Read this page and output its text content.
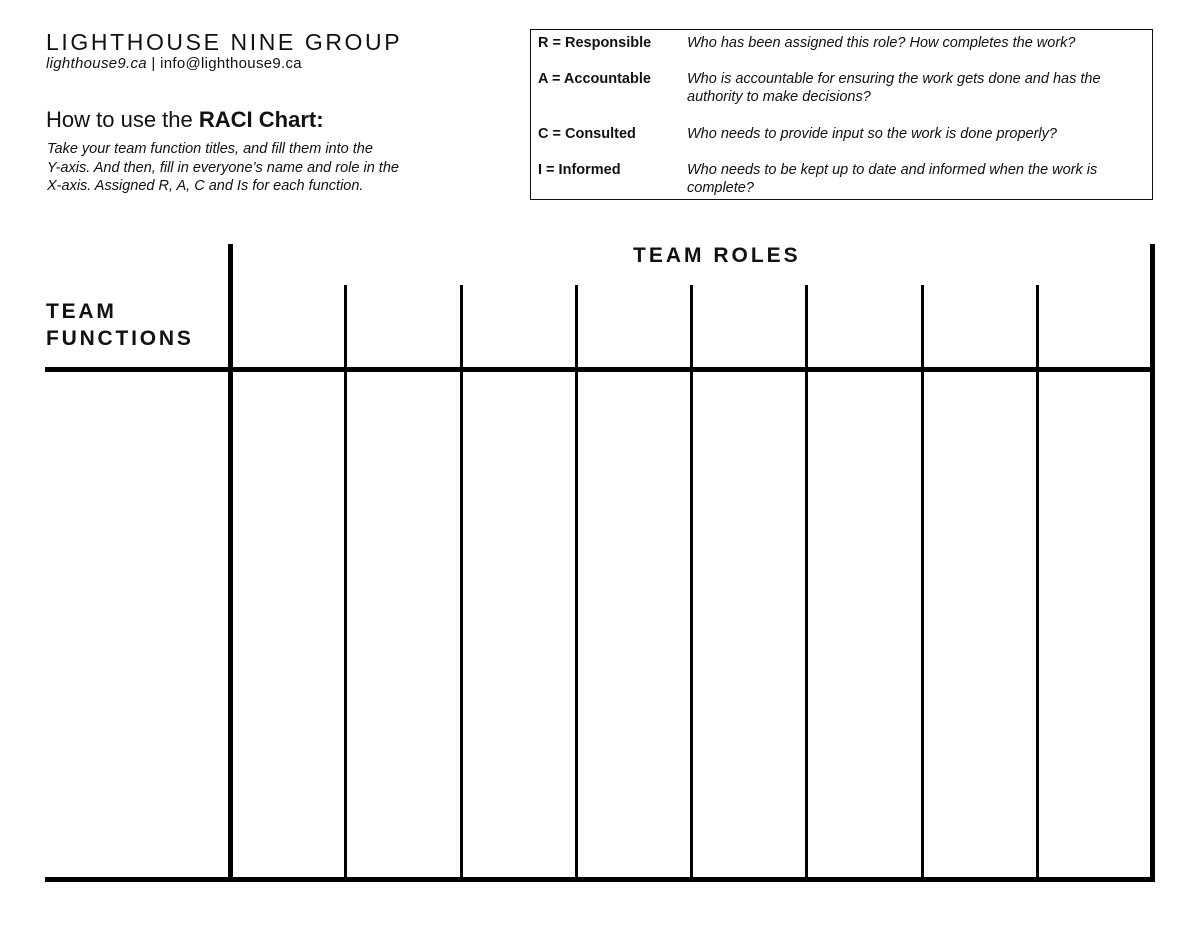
LIGHTHOUSE NINE GROUP
lighthouse9.ca | info@lighthouse9.ca
How to use the RACI Chart:

Take your team function titles, and fill them into the
Y-axis. And then, fill in everyone’s name and role in the
X-axis. Assigned R, A, C and Is for each function.

R = Responsible Who has been assigned this role? How completes the work?
A = Accountable Who is accountable for ensuring the work gets done and has the authority to make decisions?
C = Consulted	Who needs to provide input so the work is done properly?
I = Informed	Who needs to be kept up to date and informed when the work is complete?
TEAM ROLES
TEAM
FUNCTIONS
